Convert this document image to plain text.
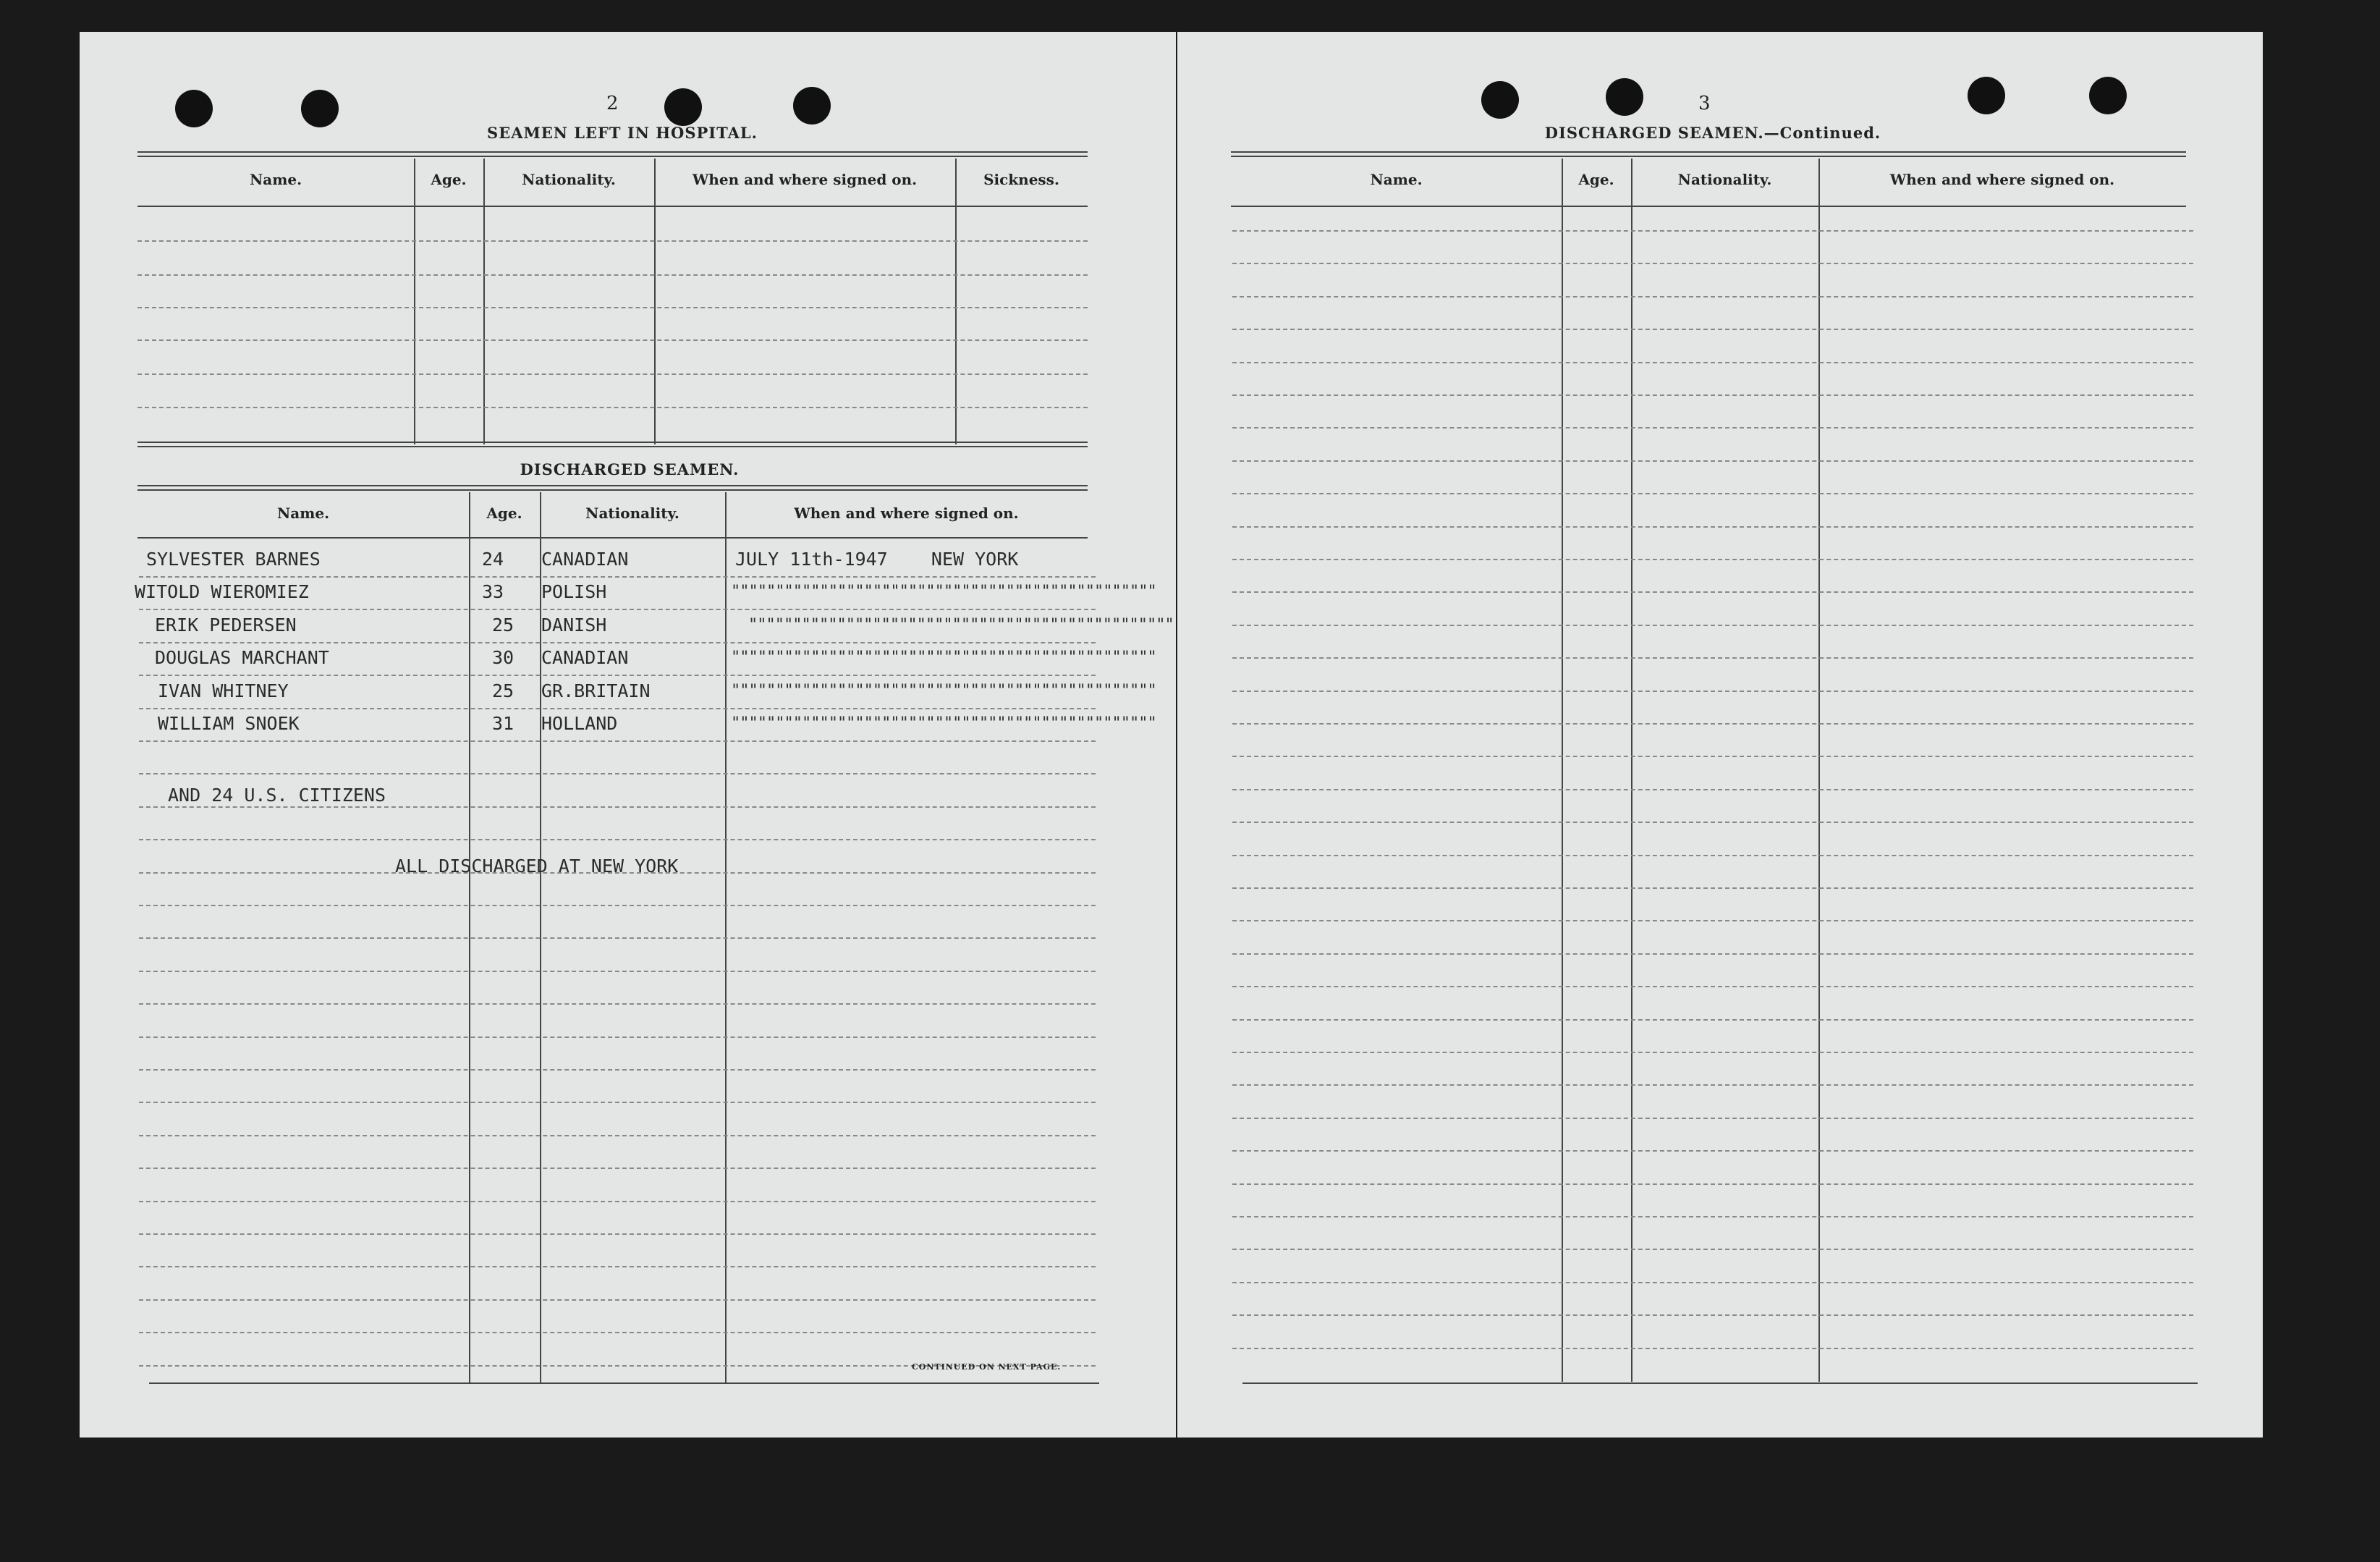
2
SEAMEN LEFT IN HOSPITAL.
Name.	Age.	Nationality.	When and where signed on.	Sickness.
DISCHARGED SEAMEN.
Name.	Age.	Nationality.	When and where signed on.
SYLVESTER BARNES	24 CANADIAN	JULY 11th-1947    NEW YORK
WITOLD WIEROMIEZ	33 POLISH	""""""""""""""""""""""""""""""""""""""""""""""""
ERIK PEDERSEN	25 DANISH	""""""""""""""""""""""""""""""""""""""""""""""""
DOUGLAS MARCHANT	30 CANADIAN	""""""""""""""""""""""""""""""""""""""""""""""""
IVAN WHITNEY	25 GR.BRITAIN	""""""""""""""""""""""""""""""""""""""""""""""""
WILLIAM SNOEK	31 HOLLAND	""""""""""""""""""""""""""""""""""""""""""""""""
AND 24 U.S. CITIZENS
ALL DISCHARGED AT NEW YORK
CONTINUED ON NEXT PAGE.
3
DISCHARGED SEAMEN.—Continued.
Name.	Age.	Nationality.	When and where signed on.
